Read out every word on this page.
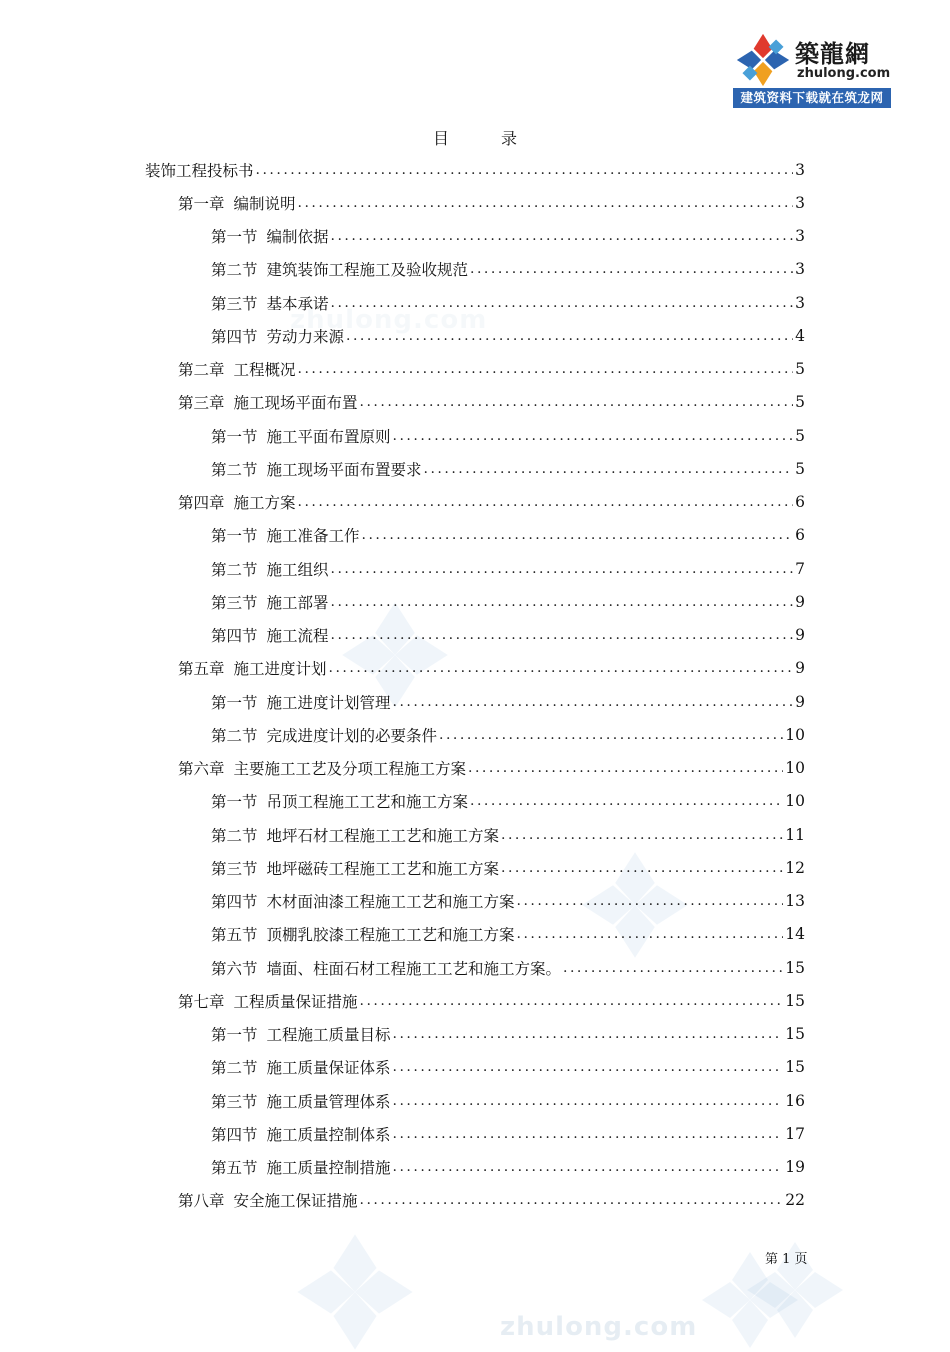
zhulong.com
zhulong.com
築龍網
zhulong.com
建筑资料下载就在筑龙网
目	录
装饰工程投标书 .....	3
第一章 编制说明 .....	3
第一节 编制依据 .....	3
第二节 建筑装饰工程施工及验收规范 .....	3
第三节 基本承诺 .....	3
第四节 劳动力来源 .....	4
第二章 工程概况 .....	5
第三章 施工现场平面布置 .....	5
第一节 施工平面布置原则 .....	5
第二节 施工现场平面布置要求 .....	5
第四章 施工方案 .....	6
第一节 施工准备工作 .....	6
第二节 施工组织 .....	7
第三节 施工部署 .....	9
第四节 施工流程 .....	9
第五章 施工进度计划 .....	9
第一节 施工进度计划管理 .....	9
第二节 完成进度计划的必要条件 .....	10
第六章 主要施工工艺及分项工程施工方案 .....	10
第一节 吊顶工程施工工艺和施工方案 .....	10
第二节 地坪石材工程施工工艺和施工方案 .....	11
第三节 地坪磁砖工程施工工艺和施工方案 .....	12
第四节 木材面油漆工程施工工艺和施工方案 .....	13
第五节 顶棚乳胶漆工程施工工艺和施工方案 .....	14
第六节 墙面、柱面石材工程施工工艺和施工方案。 .....	15
第七章 工程质量保证措施 .....	15
第一节 工程施工质量目标 .....	15
第二节 施工质量保证体系 .....	15
第三节 施工质量管理体系 .....	16
第四节 施工质量控制体系 .....	17
第五节 施工质量控制措施 .....	19
第八章 安全施工保证措施 .....	22
第 1 页
